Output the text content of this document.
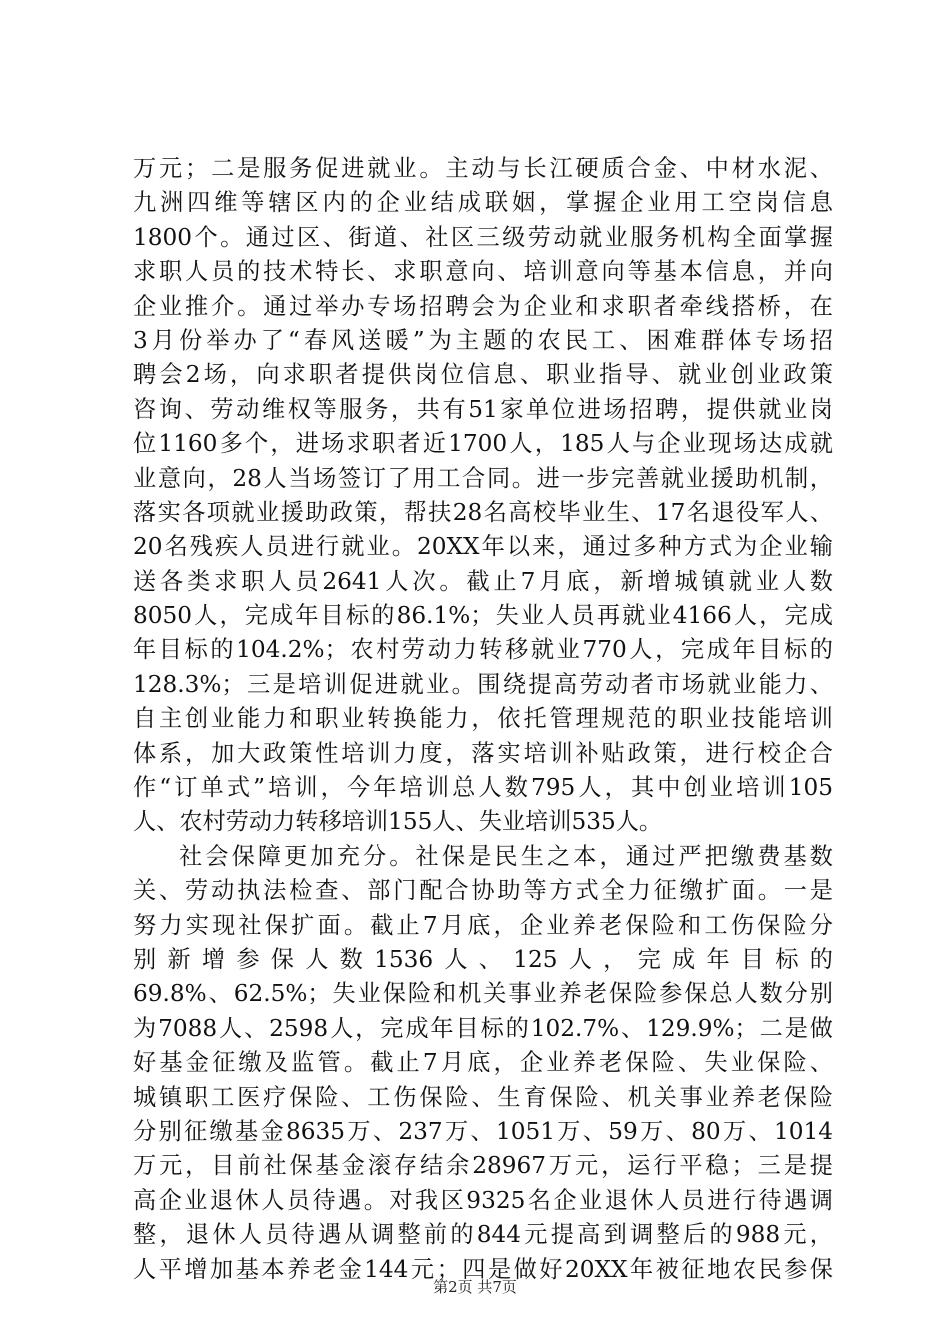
万元；二是服务促进就业。主动与长江硬质合金、中材水泥、
九洲四维等辖区内的企业结成联姻，掌握企业用工空岗信息
1800个。通过区、街道、社区三级劳动就业服务机构全面掌握
求职人员的技术特长、求职意向、培训意向等基本信息，并向
企业推介。通过举办专场招聘会为企业和求职者牵线搭桥，在
3月份举办了“春风送暖”为主题的农民工、困难群体专场招
聘会2场，向求职者提供岗位信息、职业指导、就业创业政策
咨询、劳动维权等服务，共有51家单位进场招聘，提供就业岗
位1160多个，进场求职者近1700人，185人与企业现场达成就
业意向，28人当场签订了用工合同。进一步完善就业援助机制，
落实各项就业援助政策，帮扶28名高校毕业生、17名退役军人、
20名残疾人员进行就业。20XX年以来，通过多种方式为企业输
送各类求职人员2641人次。截止7月底，新增城镇就业人数
8050人，完成年目标的86.1%；失业人员再就业4166人，完成
年目标的104.2%；农村劳动力转移就业770人，完成年目标的
128.3%；三是培训促进就业。围绕提高劳动者市场就业能力、
自主创业能力和职业转换能力，依托管理规范的职业技能培训
体系，加大政策性培训力度，落实培训补贴政策，进行校企合
作“订单式”培训，今年培训总人数795人，其中创业培训105
人、农村劳动力转移培训155人、失业培训535人。
社会保障更加充分。社保是民生之本，通过严把缴费基数
关、劳动执法检查、部门配合协助等方式全力征缴扩面。一是
努力实现社保扩面。截止7月底，企业养老保险和工伤保险分
别新增参保人数1536人、125人，完成年目标的
69.8%、62.5%；失业保险和机关事业养老保险参保总人数分别
为7088人、2598人，完成年目标的102.7%、129.9%；二是做
好基金征缴及监管。截止7月底，企业养老保险、失业保险、
城镇职工医疗保险、工伤保险、生育保险、机关事业养老保险
分别征缴基金8635万、237万、1051万、59万、80万、1014
万元，目前社保基金滚存结余28967万元，运行平稳；三是提
高企业退休人员待遇。对我区9325名企业退休人员进行待遇调
整，退休人员待遇从调整前的844元提高到调整后的988元，
人平增加基本养老金144元；四是做好20XX年被征地农民参保
第2页 共7页
